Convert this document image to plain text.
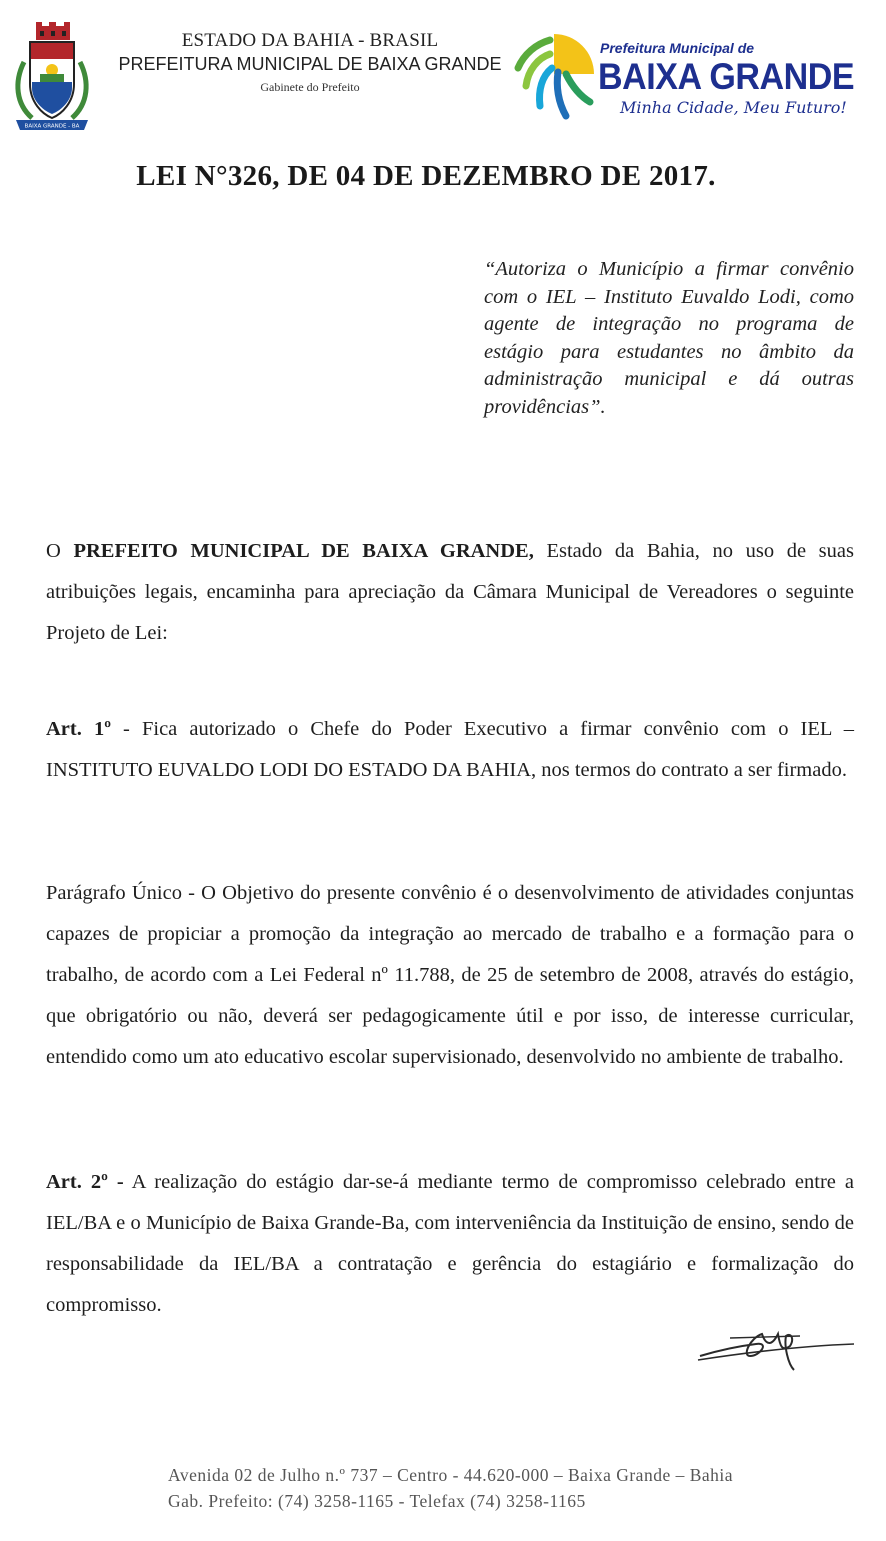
BAIXA GRANDE - BA
ESTADO DA BAHIA - BRASIL
PREFEITURA MUNICIPAL DE BAIXA GRANDE
Gabinete do Prefeito
Prefeitura Municipal de
BAIXA GRANDE
Minha Cidade, Meu Futuro!
LEI N°326, DE 04 DE DEZEMBRO DE 2017.
“Autoriza o Município a firmar convênio com o IEL – Instituto Euvaldo Lodi, como agente de integração no programa de estágio para estudantes no âmbito da administração municipal e dá outras providências”.
O PREFEITO MUNICIPAL DE BAIXA GRANDE, Estado da Bahia, no uso de suas atribuições legais, encaminha para apreciação da Câmara Municipal de Vereadores o seguinte Projeto de Lei:
Art. 1º - Fica autorizado o Chefe do Poder Executivo a firmar convênio com o IEL – INSTITUTO EUVALDO LODI DO ESTADO DA BAHIA, nos termos do contrato a ser firmado.
Parágrafo Único - O Objetivo do presente convênio é o desenvolvimento de atividades conjuntas capazes de propiciar a promoção da integração ao mercado de trabalho e a formação para o trabalho, de acordo com a Lei Federal nº 11.788, de 25 de setembro de 2008, através do estágio, que obrigatório ou não, deverá ser pedagogicamente útil e por isso, de interesse curricular, entendido como um ato educativo escolar supervisionado, desenvolvido no ambiente de trabalho.
Art. 2º - A realização do estágio dar-se-á mediante termo de compromisso celebrado entre a IEL/BA e o Município de Baixa Grande-Ba, com interveniência da Instituição de ensino, sendo de responsabilidade da IEL/BA a contratação e gerência do estagiário e formalização do compromisso.
Avenida 02 de Julho n.º 737 – Centro - 44.620-000 – Baixa Grande – Bahia
Gab. Prefeito: (74) 3258-1165 - Telefax (74) 3258-1165
